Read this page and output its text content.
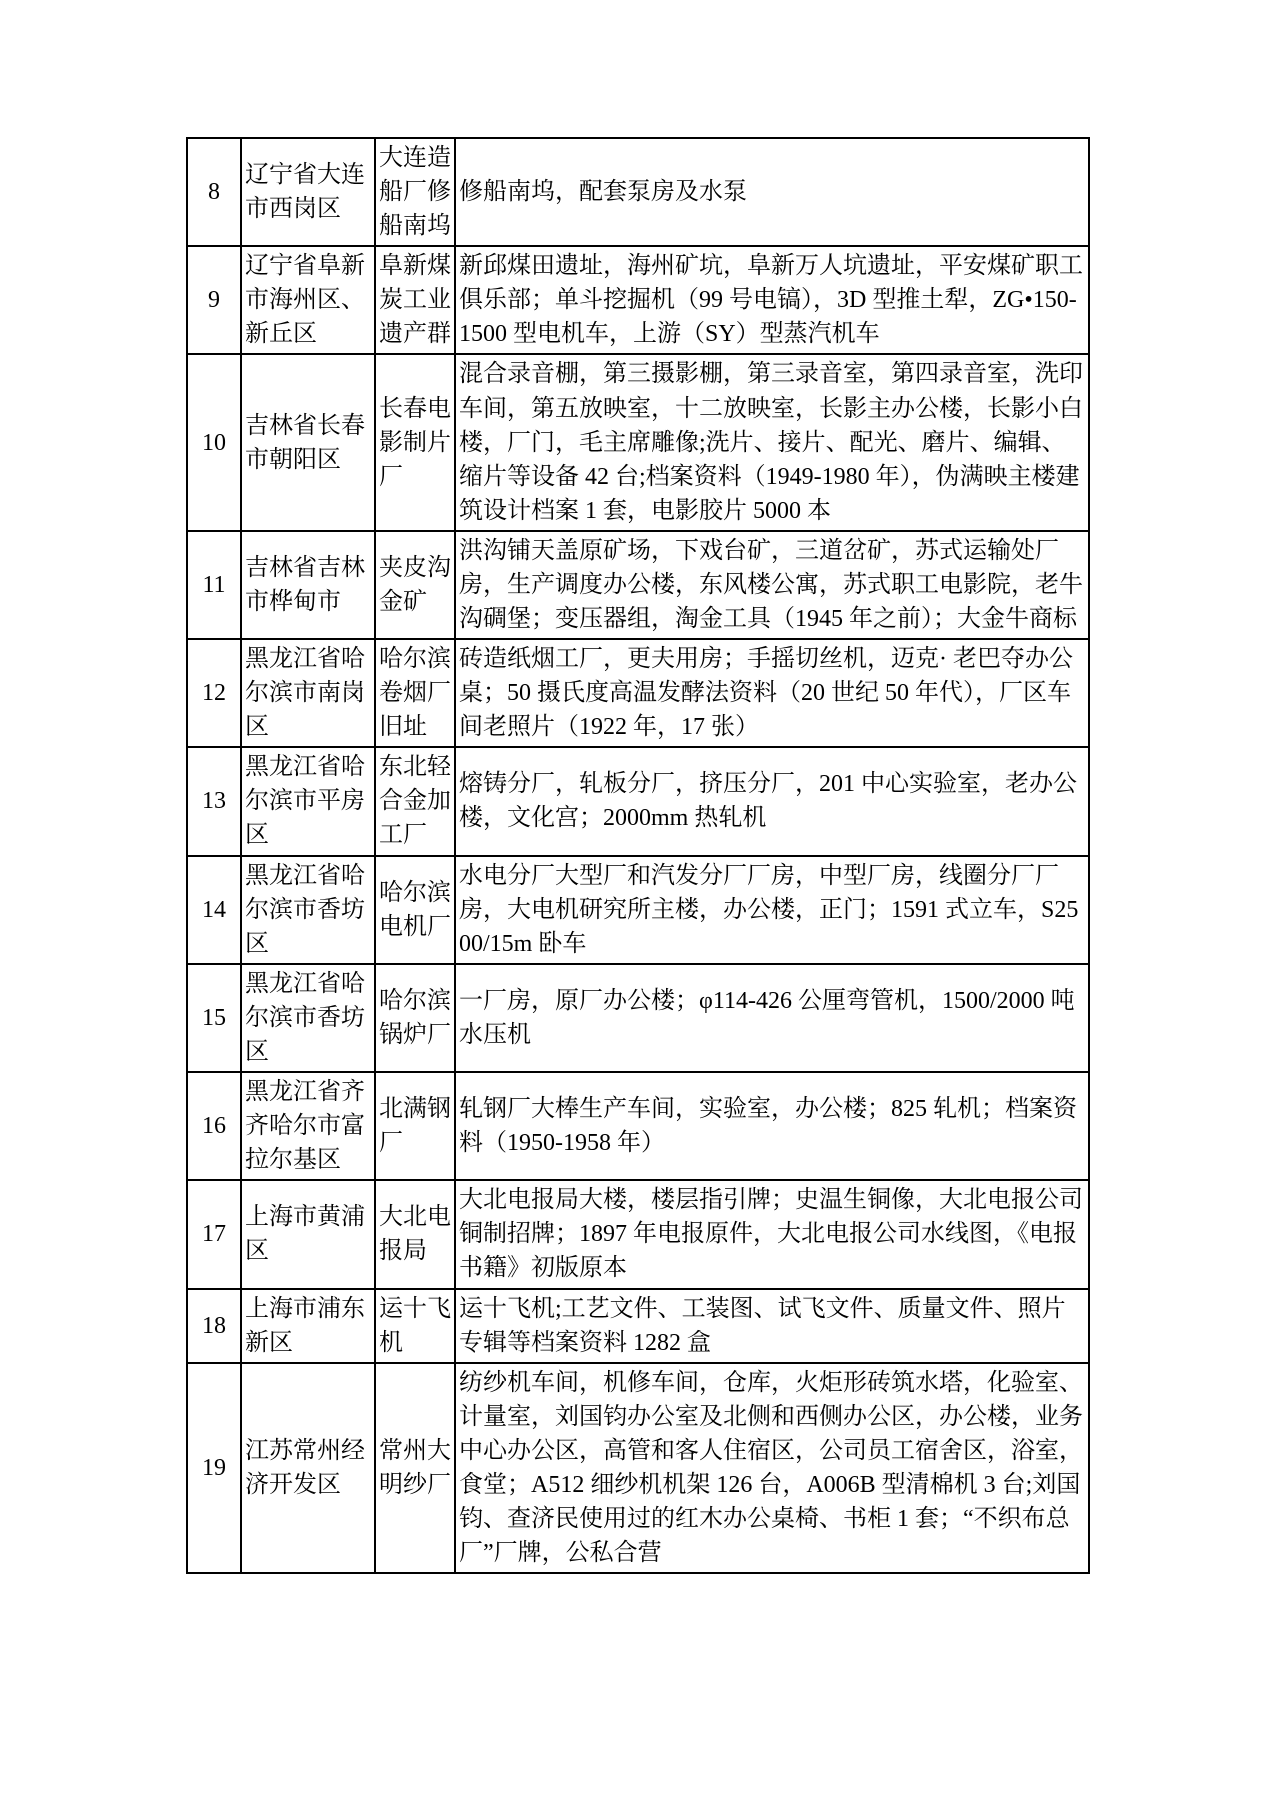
8	辽宁省大连市西岗区	大连造船厂修船南坞	修船南坞，配套泵房及水泵
9	辽宁省阜新市海州区、新丘区	阜新煤炭工业遗产群	新邱煤田遗址，海州矿坑，阜新万人坑遗址，平安煤矿职工俱乐部；单斗挖掘机（99 号电镐），3D 型推土犁，ZG•150-1500 型电机车，上游（SY）型蒸汽机车
10	吉林省长春市朝阳区	长春电影制片厂	混合录音棚，第三摄影棚，第三录音室，第四录音室，洗印车间，第五放映室，十二放映室，长影主办公楼，长影小白楼，厂门，毛主席雕像;洗片、接片、配光、磨片、编辑、缩片等设备 42 台;档案资料（1949-1980 年），伪满映主楼建筑设计档案 1 套，电影胶片 5000 本
11	吉林省吉林市桦甸市	夹皮沟金矿	洪沟铺天盖原矿场，下戏台矿，三道岔矿，苏式运输处厂房，生产调度办公楼，东风楼公寓，苏式职工电影院，老牛沟碉堡；变压器组，淘金工具（1945 年之前）；大金牛商标
12	黑龙江省哈尔滨市南岗区	哈尔滨卷烟厂旧址	砖造纸烟工厂，更夫用房；手摇切丝机，迈克· 老巴夺办公桌；50 摄氏度高温发酵法资料（20 世纪 50 年代），厂区车间老照片（1922 年，17 张）
13	黑龙江省哈尔滨市平房区	东北轻合金加工厂	熔铸分厂，轧板分厂，挤压分厂，201 中心实验室，老办公楼，文化宫；2000mm 热轧机
14	黑龙江省哈尔滨市香坊区	哈尔滨电机厂	水电分厂大型厂和汽发分厂厂房，中型厂房，线圈分厂厂房，大电机研究所主楼，办公楼，正门；1591 式立车，S2500/15m 卧车
15	黑龙江省哈尔滨市香坊区	哈尔滨锅炉厂	一厂房，原厂办公楼；φ114-426 公厘弯管机，1500/2000 吨水压机
16	黑龙江省齐齐哈尔市富拉尔基区	北满钢厂	轧钢厂大棒生产车间，实验室，办公楼；825 轧机；档案资料（1950-1958 年）
17	上海市黄浦区	大北电报局	大北电报局大楼，楼层指引牌；史温生铜像，大北电报公司铜制招牌；1897 年电报原件，大北电报公司水线图，《电报书籍》初版原本
18	上海市浦东新区	运十飞机	运十飞机;工艺文件、工装图、试飞文件、质量文件、照片专辑等档案资料 1282 盒
19	江苏常州经济开发区	常州大明纱厂	纺纱机车间，机修车间，仓库，火炬形砖筑水塔，化验室、计量室，刘国钧办公室及北侧和西侧办公区，办公楼，业务中心办公区，高管和客人住宿区，公司员工宿舍区，浴室，食堂；A512 细纱机机架 126 台，A006B 型清棉机 3 台;刘国钧、查济民使用过的红木办公桌椅、书柜 1 套；“不织布总厂”厂牌，公私合营
